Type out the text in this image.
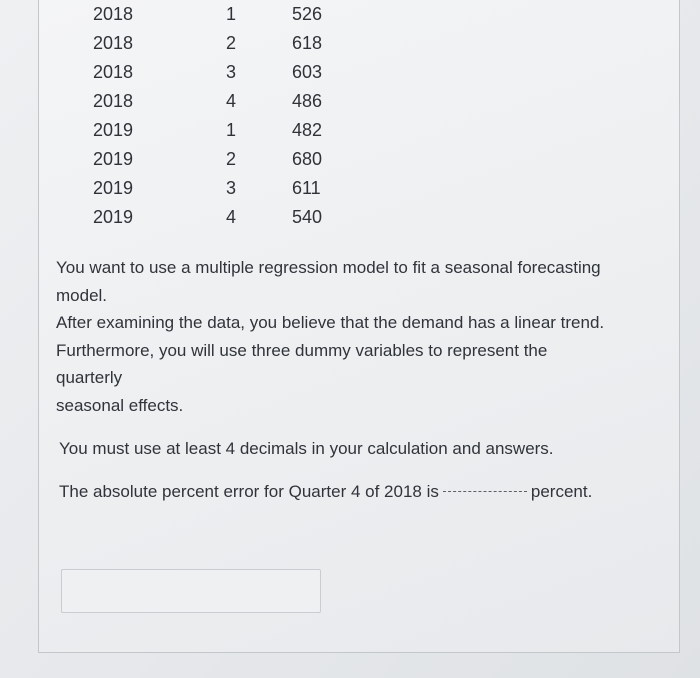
2018	1	526
2018	2	618
2018	3	603
2018	4	486
2019	1	482
2019	2	680
2019	3	611
2019	4	540
You want to use a multiple regression model to fit a seasonal forecasting
model.
After examining the data, you believe that the demand has a linear trend.
Furthermore, you will use three dummy variables to represent the
quarterly
seasonal effects.
You must use at least 4 decimals in your calculation and answers.
The absolute percent error for Quarter 4 of 2018 is	percent.
